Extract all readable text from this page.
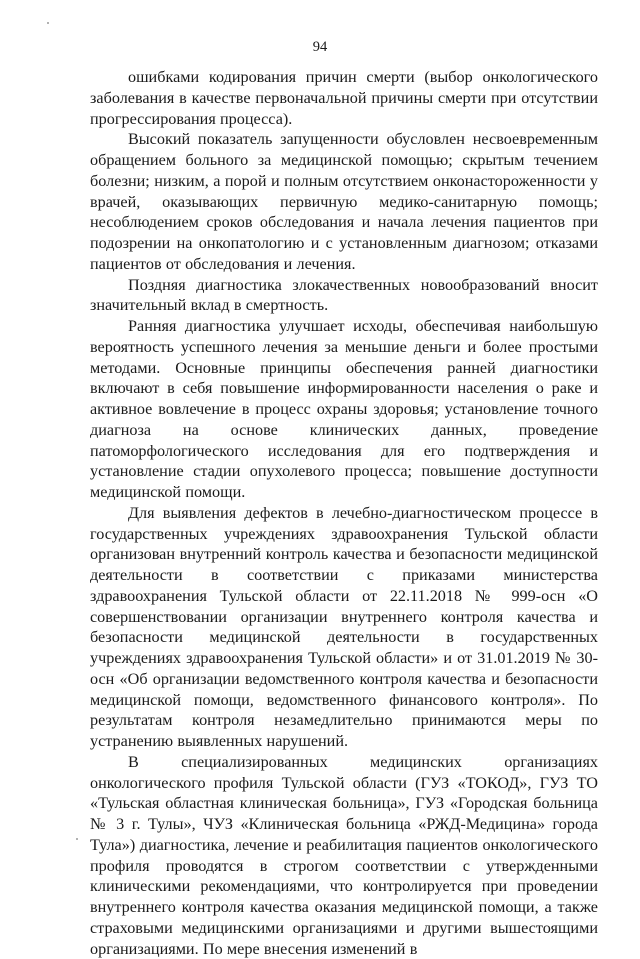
94

ошибками кодирования причин смерти (выбор онкологического заболевания в качестве первоначальной причины смерти при отсутствии прогрессирования процесса).

Высокий показатель запущенности обусловлен несвоевременным обращением больного за медицинской помощью; скрытым течением болезни; низким, а порой и полным отсутствием онконастороженности у врачей, оказывающих первичную медико-санитарную помощь; несоблюдением сроков обследования и начала лечения пациентов при подозрении на онкопатологию и с установленным диагнозом; отказами пациентов от обследования и лечения.

Поздняя диагностика злокачественных новообразований вносит значительный вклад в смертность.

Ранняя диагностика улучшает исходы, обеспечивая наибольшую вероятность успешного лечения за меньшие деньги и более простыми методами. Основные принципы обеспечения ранней диагностики включают в себя повышение информированности населения о раке и активное вовлечение в процесс охраны здоровья; установление точного диагноза на основе клинических данных, проведение патоморфологического исследования для его подтверждения и установление стадии опухолевого процесса; повышение доступности медицинской помощи.

Для выявления дефектов в лечебно-диагностическом процессе в государственных учреждениях здравоохранения Тульской области организован внутренний контроль качества и безопасности медицинской деятельности в соответствии с приказами министерства здравоохранения Тульской области от 22.11.2018 № 999-осн «О совершенствовании организации внутреннего контроля качества и безопасности медицинской деятельности в государственных учреждениях здравоохранения Тульской области» и от 31.01.2019 № 30-осн «Об организации ведомственного контроля качества и безопасности медицинской помощи, ведомственного финансового контроля». По результатам контроля незамедлительно принимаются меры по устранению выявленных нарушений.

В специализированных медицинских организациях онкологического профиля Тульской области (ГУЗ «ТОКОД», ГУЗ ТО «Тульская областная клиническая больница», ГУЗ «Городская больница № 3 г. Тулы», ЧУЗ «Клиническая больница «РЖД-Медицина» города Тула») диагностика, лечение и реабилитация пациентов онкологического профиля проводятся в строгом соответствии с утвержденными клиническими рекомендациями, что контролируется при проведении внутреннего контроля качества оказания медицинской помощи, а также страховыми медицинскими организациями и другими вышестоящими организациями. По мере внесения изменений в
